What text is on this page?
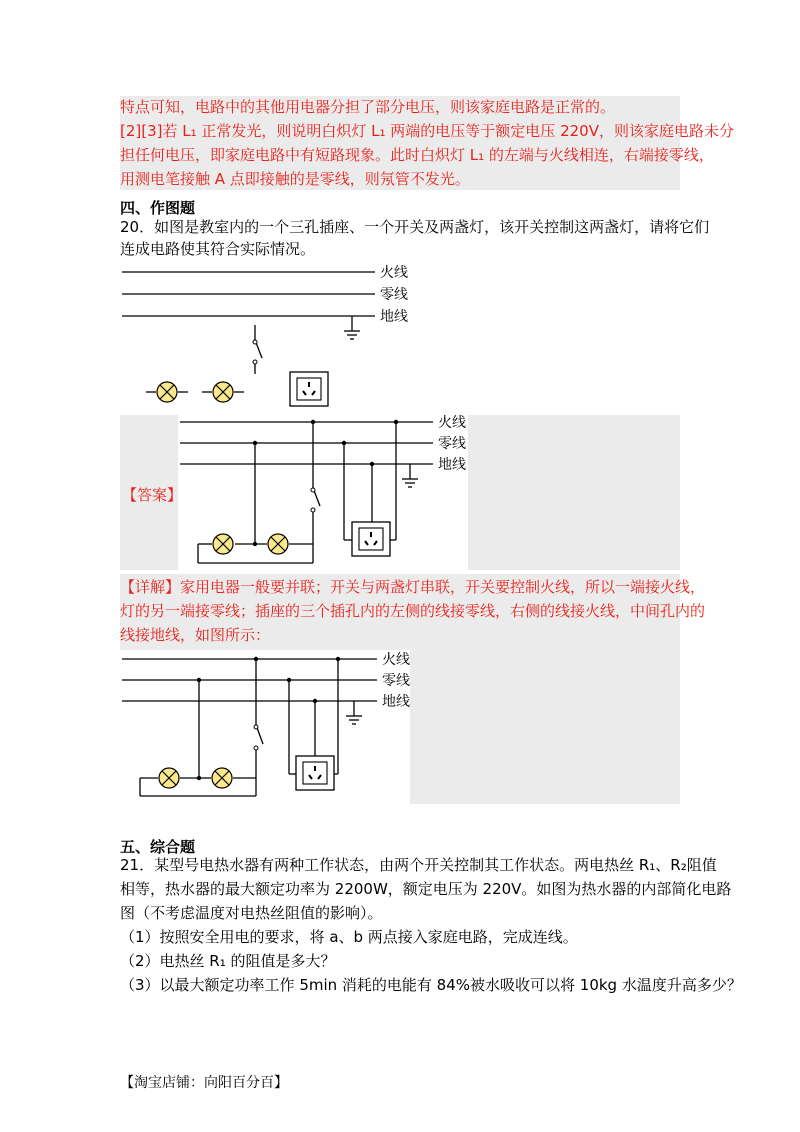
特点可知，电路中的其他用电器分担了部分电压，则该家庭电路是正常的。
[2][3]若 L₁ 正常发光，则说明白炽灯 L₁ 两端的电压等于额定电压 220V，则该家庭电路未分
担任何电压，即家庭电路中有短路现象。此时白炽灯 L₁ 的左端与火线相连，右端接零线，
用测电笔接触 A 点即接触的是零线，则氖管不发光。
四、作图题
20．如图是教室内的一个三孔插座、一个开关及两盏灯，该开关控制这两盏灯，请将它们
连成电路使其符合实际情况。
火线
零线
地线
【答案】
火线
零线
地线
【详解】家用电器一般要并联；开关与两盏灯串联，开关要控制火线，所以一端接火线，
灯的另一端接零线；插座的三个插孔内的左侧的线接零线，右侧的线接火线，中间孔内的
线接地线，如图所示：
火线
零线
地线
五、综合题
21．某型号电热水器有两种工作状态，由两个开关控制其工作状态。两电热丝 R₁、R₂阻值
相等，热水器的最大额定功率为 2200W，额定电压为 220V。如图为热水器的内部简化电路
图（不考虑温度对电热丝阻值的影响）。
（1）按照安全用电的要求，将 a、b 两点接入家庭电路，完成连线。
（2）电热丝 R₁ 的阻值是多大？
（3）以最大额定功率工作 5min 消耗的电能有 84%被水吸收可以将 10kg 水温度升高多少？
【淘宝店铺：向阳百分百】
